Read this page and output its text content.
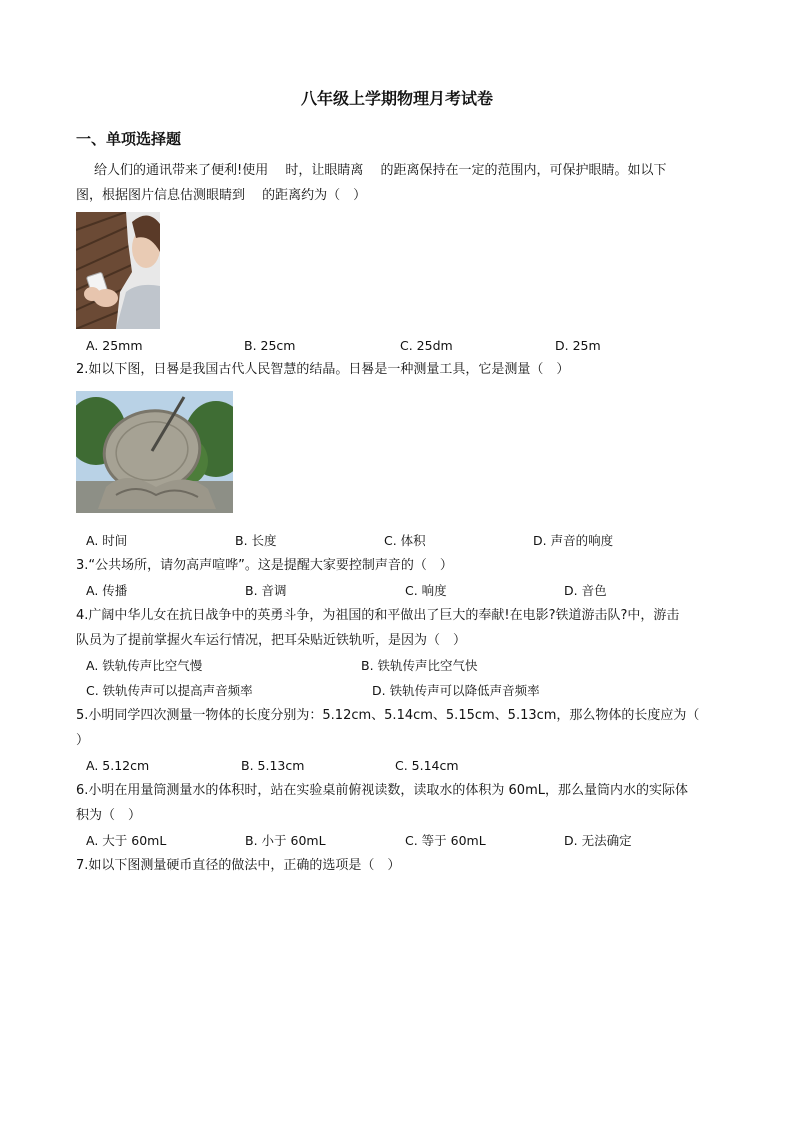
八年级上学期物理月考试卷
一、单项选择题
给人们的通讯带来了便利!使用　 时，让眼睛离　 的距离保持在一定的范围内，可保护眼睛。如以下
图，根据图片信息估测眼睛到　 的距离约为（　）
A. 25mm	B. 25cm	C. 25dm	D. 25m
2.如以下图，日晷是我国古代人民智慧的结晶。日晷是一种测量工具，它是测量（　）
A. 时间	B. 长度	C. 体积	D. 声音的响度
3.“公共场所，请勿高声喧哗”。这是提醒大家要控制声音的（　）
A. 传播	B. 音调	C. 响度	D. 音色
4.广阔中华儿女在抗日战争中的英勇斗争，为祖国的和平做出了巨大的奉献!在电影?铁道游击队?中，游击
队员为了提前掌握火车运行情况，把耳朵贴近铁轨听，是因为（　）
A. 铁轨传声比空气慢	B. 铁轨传声比空气快
C. 铁轨传声可以提高声音频率	D. 铁轨传声可以降低声音频率
5.小明同学四次测量一物体的长度分别为：5.12cm、5.14cm、5.15cm、5.13cm，那么物体的长度应为（
）
A. 5.12cm	B. 5.13cm	C. 5.14cm
6.小明在用量筒测量水的体积时，站在实验桌前俯视读数，读取水的体积为 60mL，那么量筒内水的实际体
积为（　）
A. 大于 60mL	B. 小于 60mL	C. 等于 60mL	D. 无法确定
7.如以下图测量硬币直径的做法中，正确的选项是（　）
